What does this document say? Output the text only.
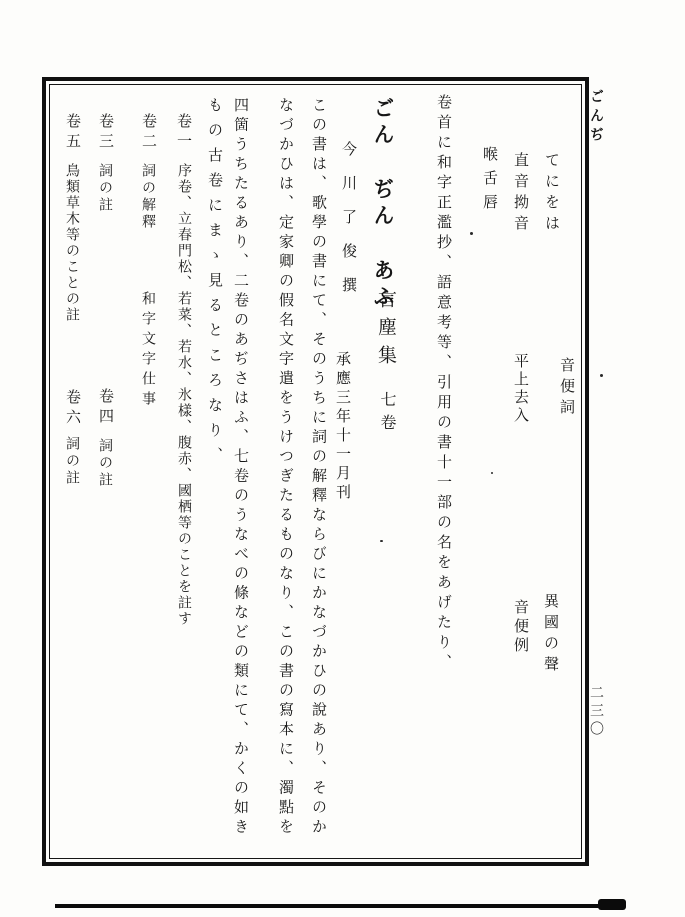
ごんぢ
二三〇
てにをは
直音拗音
喉舌唇
音便詞
平上去入
異國の聲
音便例
卷首に和字正濫抄、語意考等、引用の書十一部の名をあげたり、
ごん ぢん あふ
言塵集
七卷
今川了俊撰
承應三年十一月刊
この書は、歌學の書にて、そのうちに詞の解釋ならびにかなづかひの說あり、そのか
なづかひは、定家卿の假名文字遣をうけつぎたるものなり、この書の寫本に、濁點を
四箇うちたるあり、二卷のあぢさはふ、七卷のうなべの條などの類にて、かくの如き
もの古卷にまゝ見るところなり、
卷一
序卷、立春門松、若菜、若水、氷樣、腹赤、國栖等のことを註す
卷二
詞の解釋
和字文字仕事
卷三
詞の註
卷四
詞の註
卷五
鳥類草木等のことの註
卷六
詞の註
